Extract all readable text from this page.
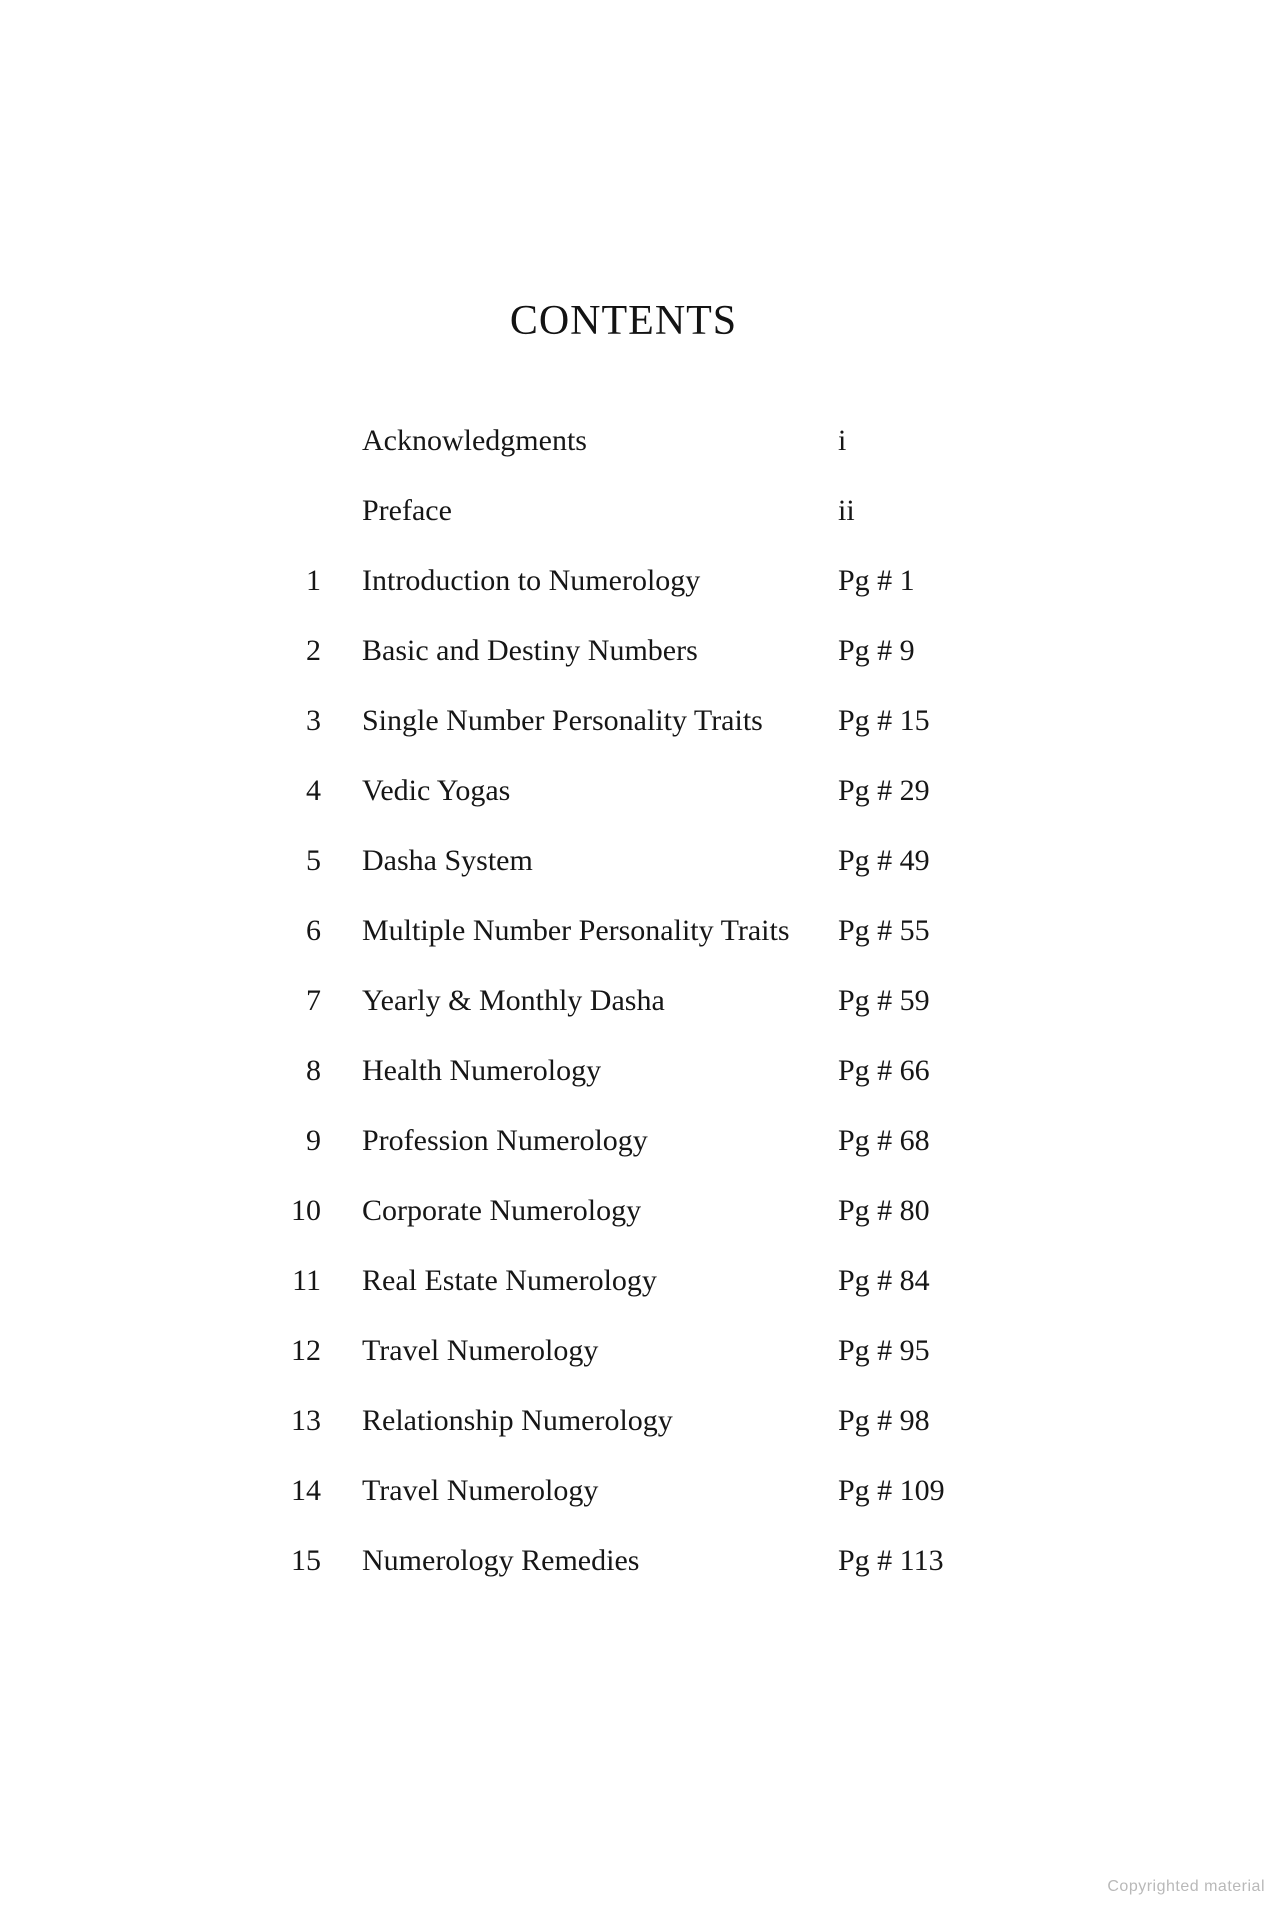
CONTENTS
Acknowledgments	i
Preface	ii
1	Introduction to Numerology	Pg # 1
2	Basic and Destiny Numbers	Pg # 9
3	Single Number Personality Traits	Pg # 15
4	Vedic Yogas	Pg # 29
5	Dasha System	Pg # 49
6	Multiple Number Personality Traits	Pg # 55
7	Yearly & Monthly Dasha	Pg # 59
8	Health Numerology	Pg # 66
9	Profession Numerology	Pg # 68
10	Corporate Numerology	Pg # 80
11	Real Estate Numerology	Pg # 84
12	Travel Numerology	Pg # 95
13	Relationship Numerology	Pg # 98
14	Travel Numerology	Pg # 109
15	Numerology Remedies	Pg # 113
Copyrighted material
